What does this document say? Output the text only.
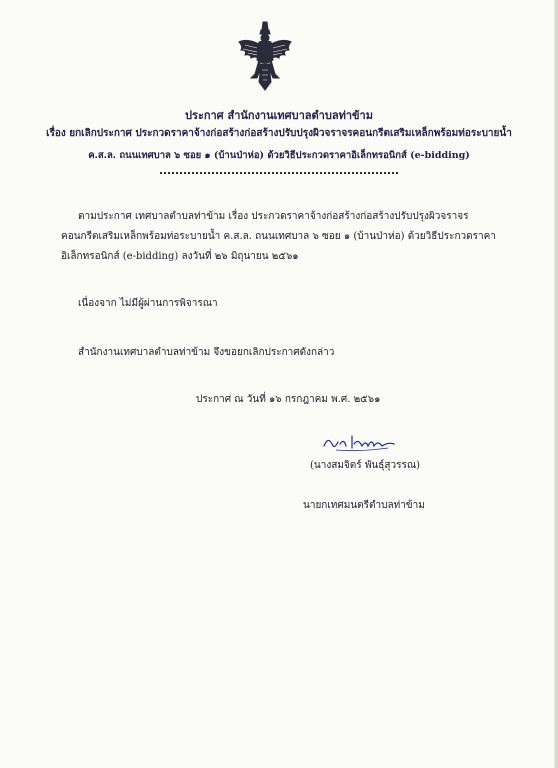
ประกาศ สำนักงานเทศบาลตำบลท่าข้าม
เรื่อง ยกเลิกประกาศ ประกวดราคาจ้างก่อสร้างก่อสร้างปรับปรุงผิวจราจรคอนกรีตเสริมเหล็กพร้อมท่อระบายน้ำ
ค.ส.ล. ถนนเทศบาล ๖ ซอย ๑ (บ้านป่าห่อ) ด้วยวิธีประกวดราคาอิเล็กทรอนิกส์ (e-bidding)
ตามประกาศ เทศบาลตำบลท่าข้าม เรื่อง ประกวดราคาจ้างก่อสร้างก่อสร้างปรับปรุงผิวจราจร
คอนกรีตเสริมเหล็กพร้อมท่อระบายน้ำ ค.ส.ล. ถนนเทศบาล ๖ ซอย ๑ (บ้านป่าห่อ) ด้วยวิธีประกวดราคา
อิเล็กทรอนิกส์ (e-bidding) ลงวันที่ ๒๖ มิถุนายน ๒๕๖๑
เนื่องจาก ไม่มีผู้ผ่านการพิจารณา
สำนักงานเทศบาลตำบลท่าข้าม จึงขอยกเลิกประกาศดังกล่าว
ประกาศ ณ วันที่ ๑๖ กรกฎาคม พ.ศ. ๒๕๖๑
(นางสมจิตร์ พันธุ์สุวรรณ)
นายกเทศมนตรีตำบลท่าข้าม
